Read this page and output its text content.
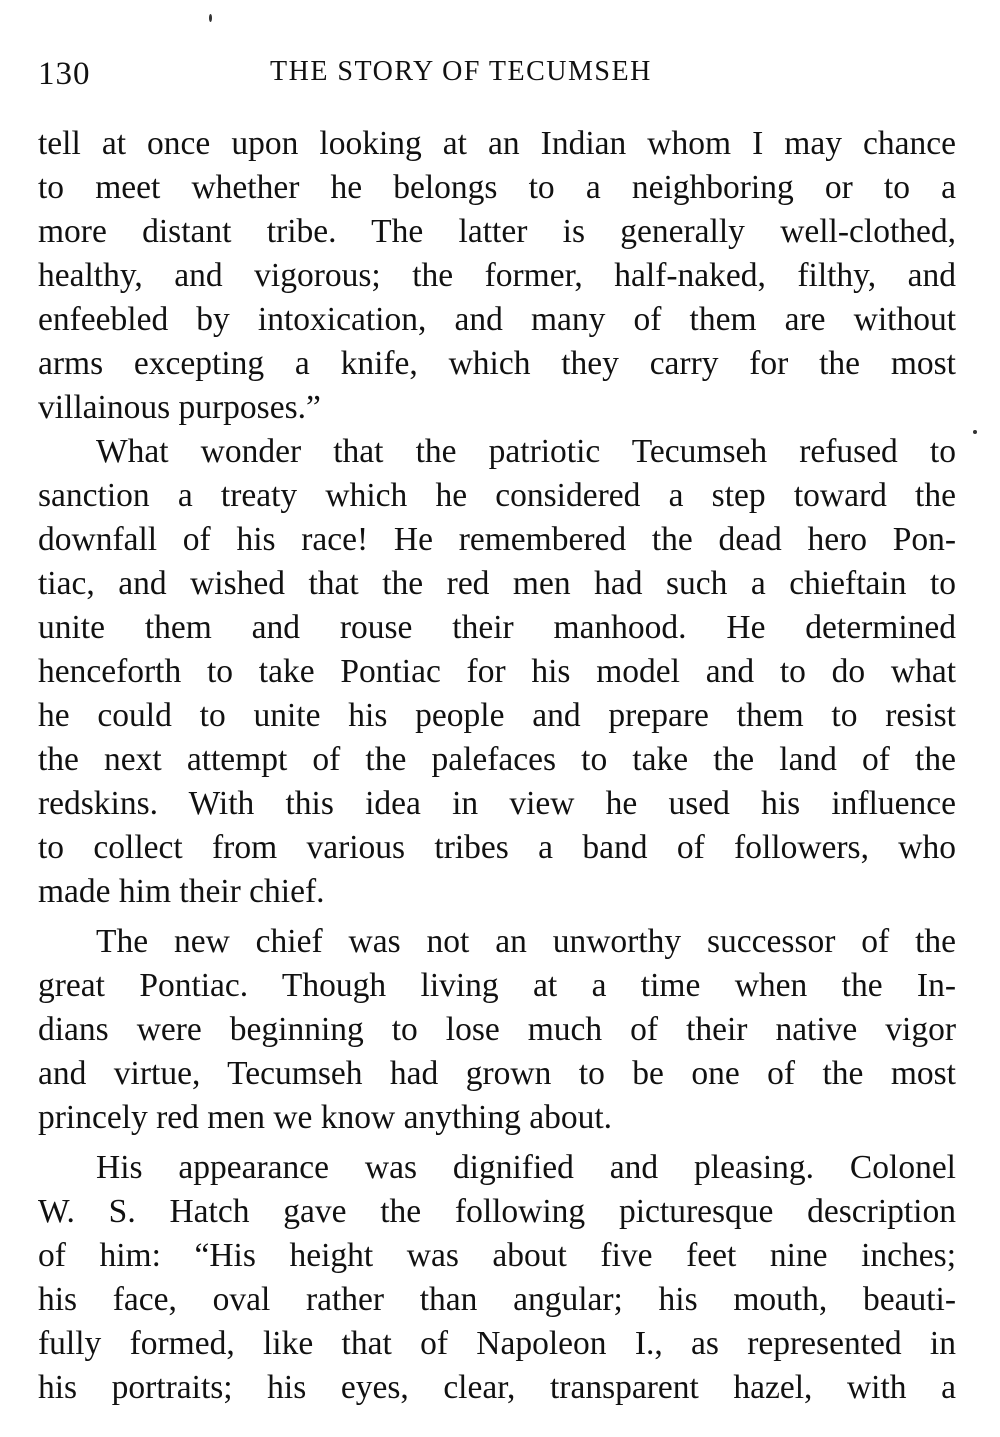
130	THE STORY OF TECUMSEH
tell at once upon looking at an Indian whom I may chance
to meet whether he belongs to a neighboring or to a
more distant tribe. The latter is generally well-clothed,
healthy, and vigorous; the former, half-naked, filthy, and
enfeebled by intoxication, and many of them are without
arms excepting a knife, which they carry for the most
villainous purposes.”
What wonder that the patriotic Tecumseh refused to
sanction a treaty which he considered a step toward the
downfall of his race! He remembered the dead hero Pon-
tiac, and wished that the red men had such a chieftain to
unite them and rouse their manhood. He determined
henceforth to take Pontiac for his model and to do what
he could to unite his people and prepare them to resist
the next attempt of the palefaces to take the land of the
redskins. With this idea in view he used his influence
to collect from various tribes a band of followers, who
made him their chief.
The new chief was not an unworthy successor of the
great Pontiac. Though living at a time when the In-
dians were beginning to lose much of their native vigor
and virtue, Tecumseh had grown to be one of the most
princely red men we know anything about.
His appearance was dignified and pleasing. Colonel
W. S. Hatch gave the following picturesque description
of him: “His height was about five feet nine inches;
his face, oval rather than angular; his mouth, beauti-
fully formed, like that of Napoleon I., as represented in
his portraits; his eyes, clear, transparent hazel, with a
